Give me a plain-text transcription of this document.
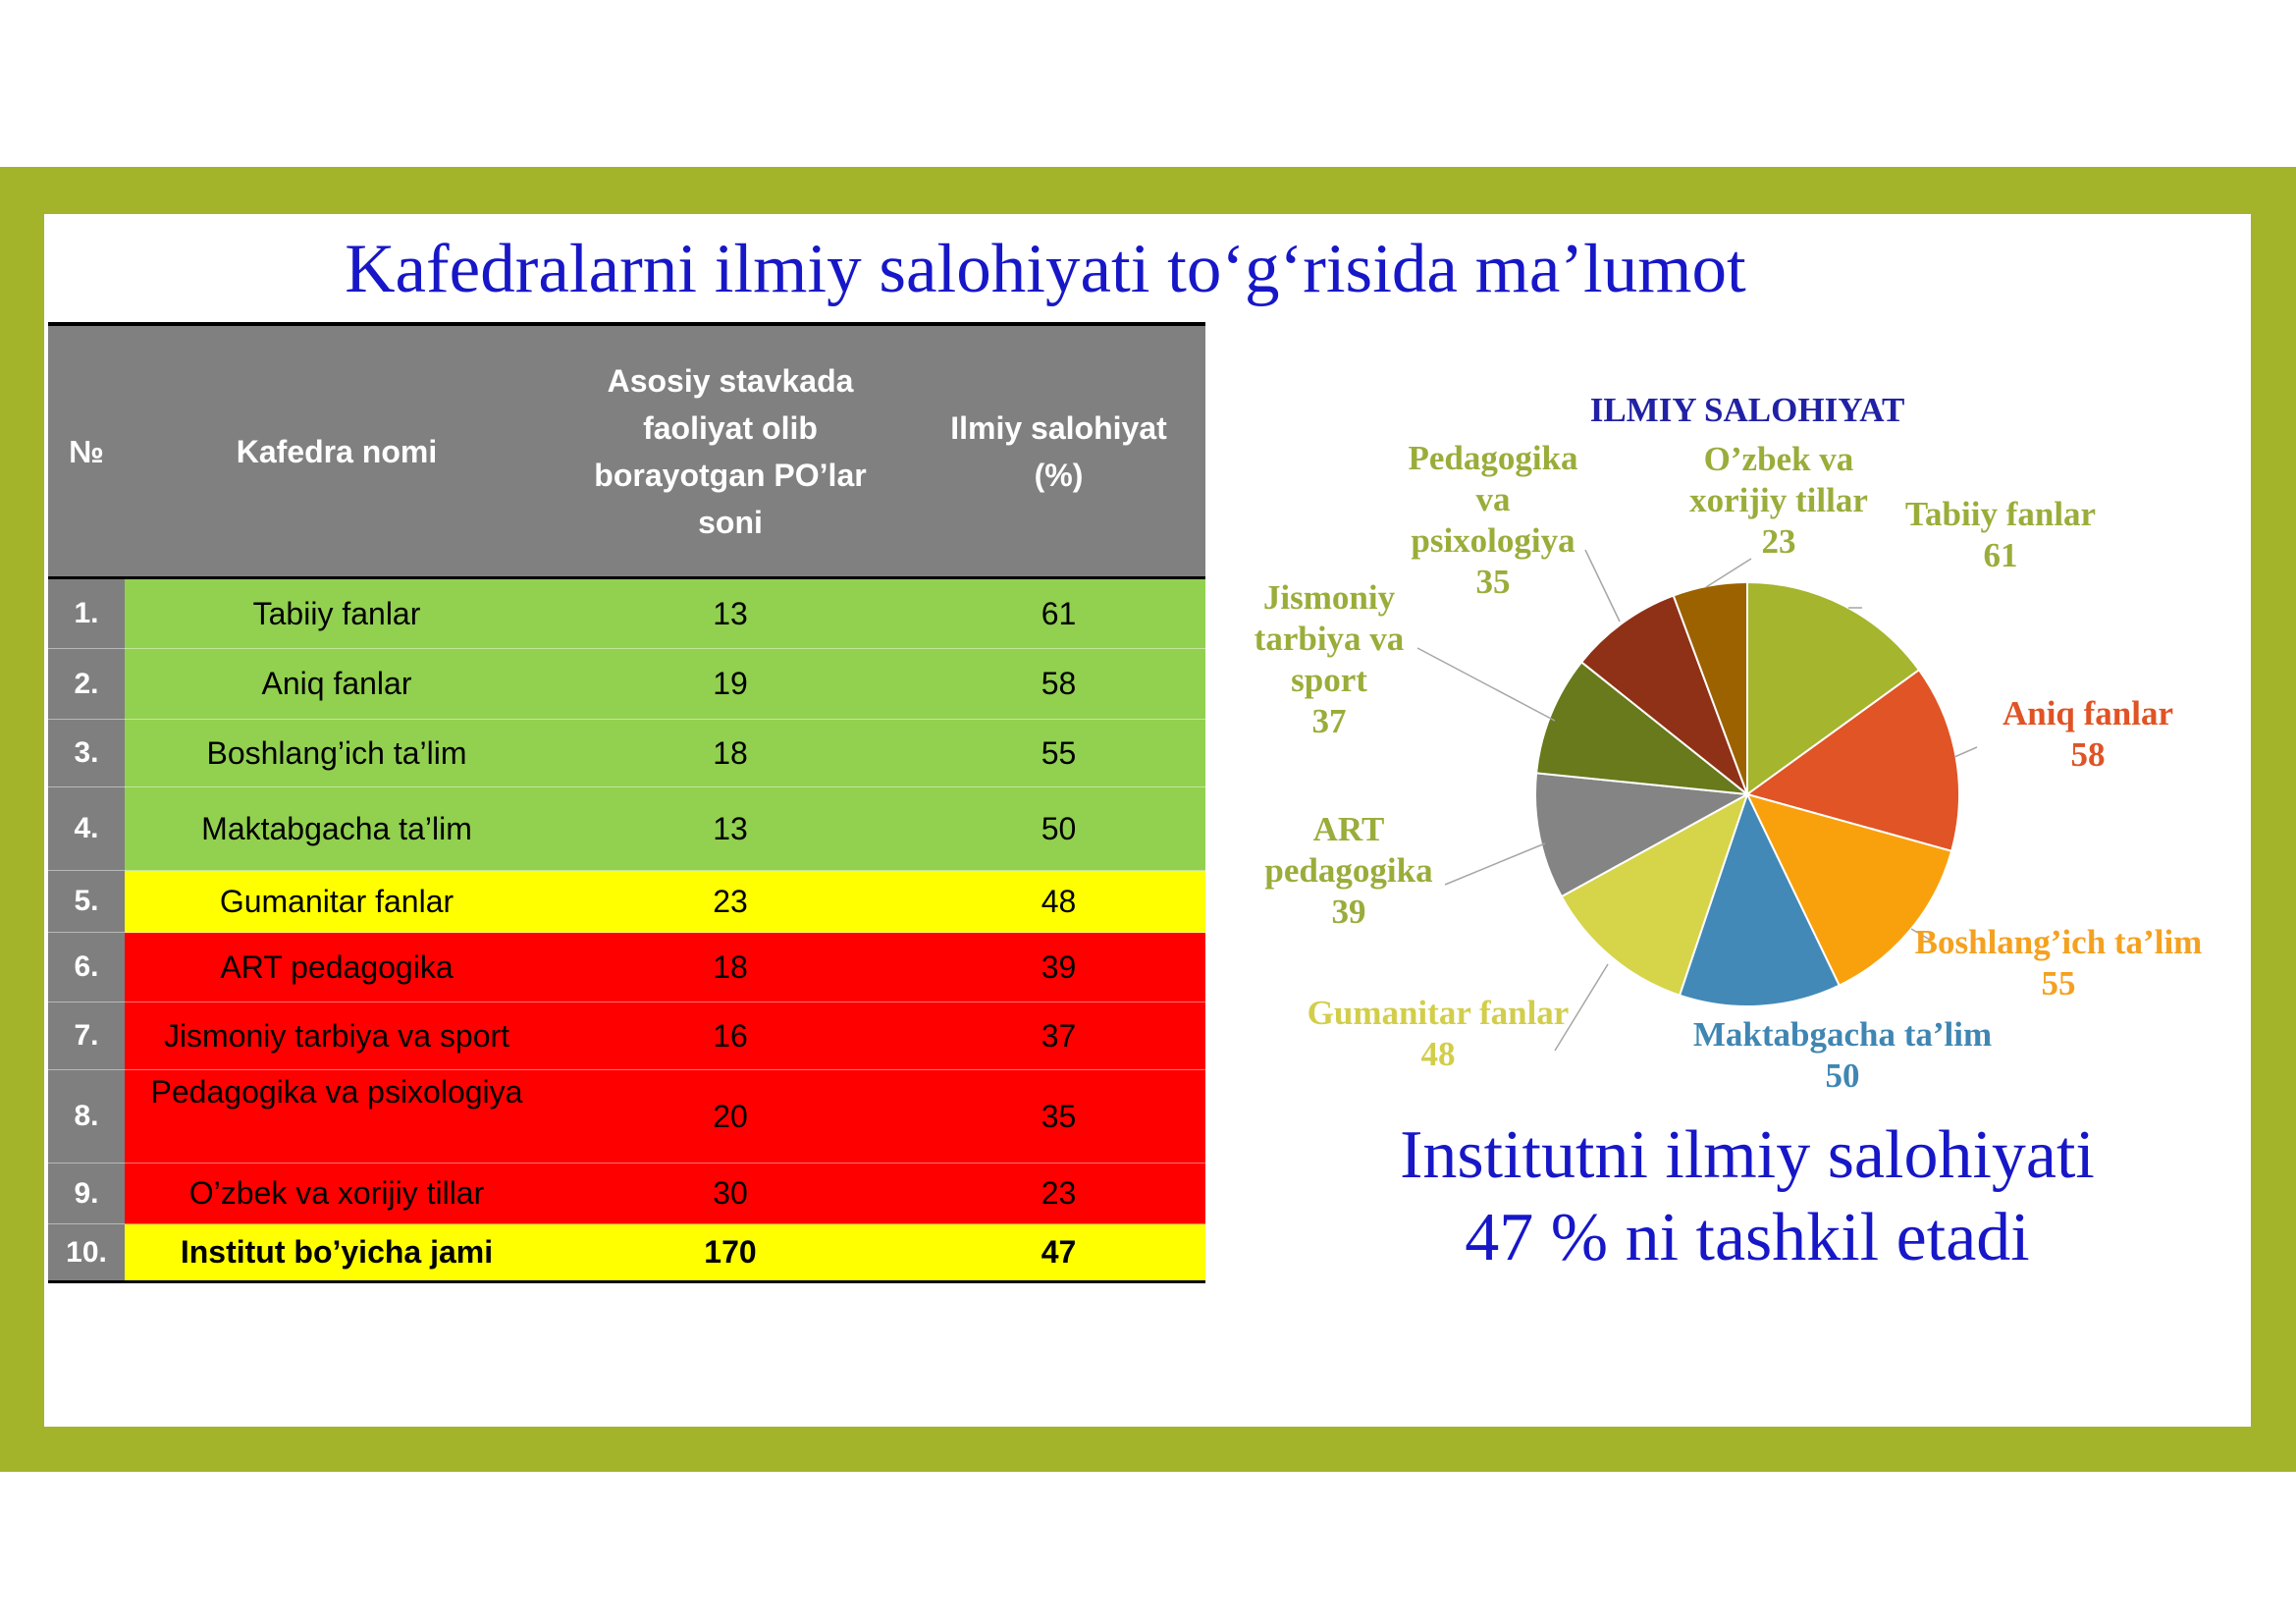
Kafedralarni ilmiy salohiyati to‘g‘risida ma’lumot
№	Kafedra nomi	Asosiy stavkada faoliyat olib borayotgan PO’lar soni	Ilmiy salohiyat (%)

1.	Tabiiy fanlar	13	61
2.	Aniq fanlar	19	58
3.	Boshlang’ich ta’lim	18	55
4.	Maktabgacha ta’lim	13	50
5.	Gumanitar fanlar	23	48
6.	ART pedagogika	18	39
7.	Jismoniy tarbiya va sport	16	37
8.	Pedagogika va psixologiya	20	35
9.	O’zbek va xorijiy tillar	30	23
10.	Institut bo’yicha jami	170	47
ILMIY SALOHIYAT
Tabiiy fanlar
61
Aniq fanlar
58
Boshlang’ich ta’lim
55
Maktabgacha ta’lim
50
Gumanitar fanlar
48
ART
pedagogika
39
Jismoniy
tarbiya va
sport
37
Pedagogika
va
psixologiya
35
O’zbek va
xorijiy tillar
23
Institutni ilmiy salohiyati
47 % ni tashkil etadi
